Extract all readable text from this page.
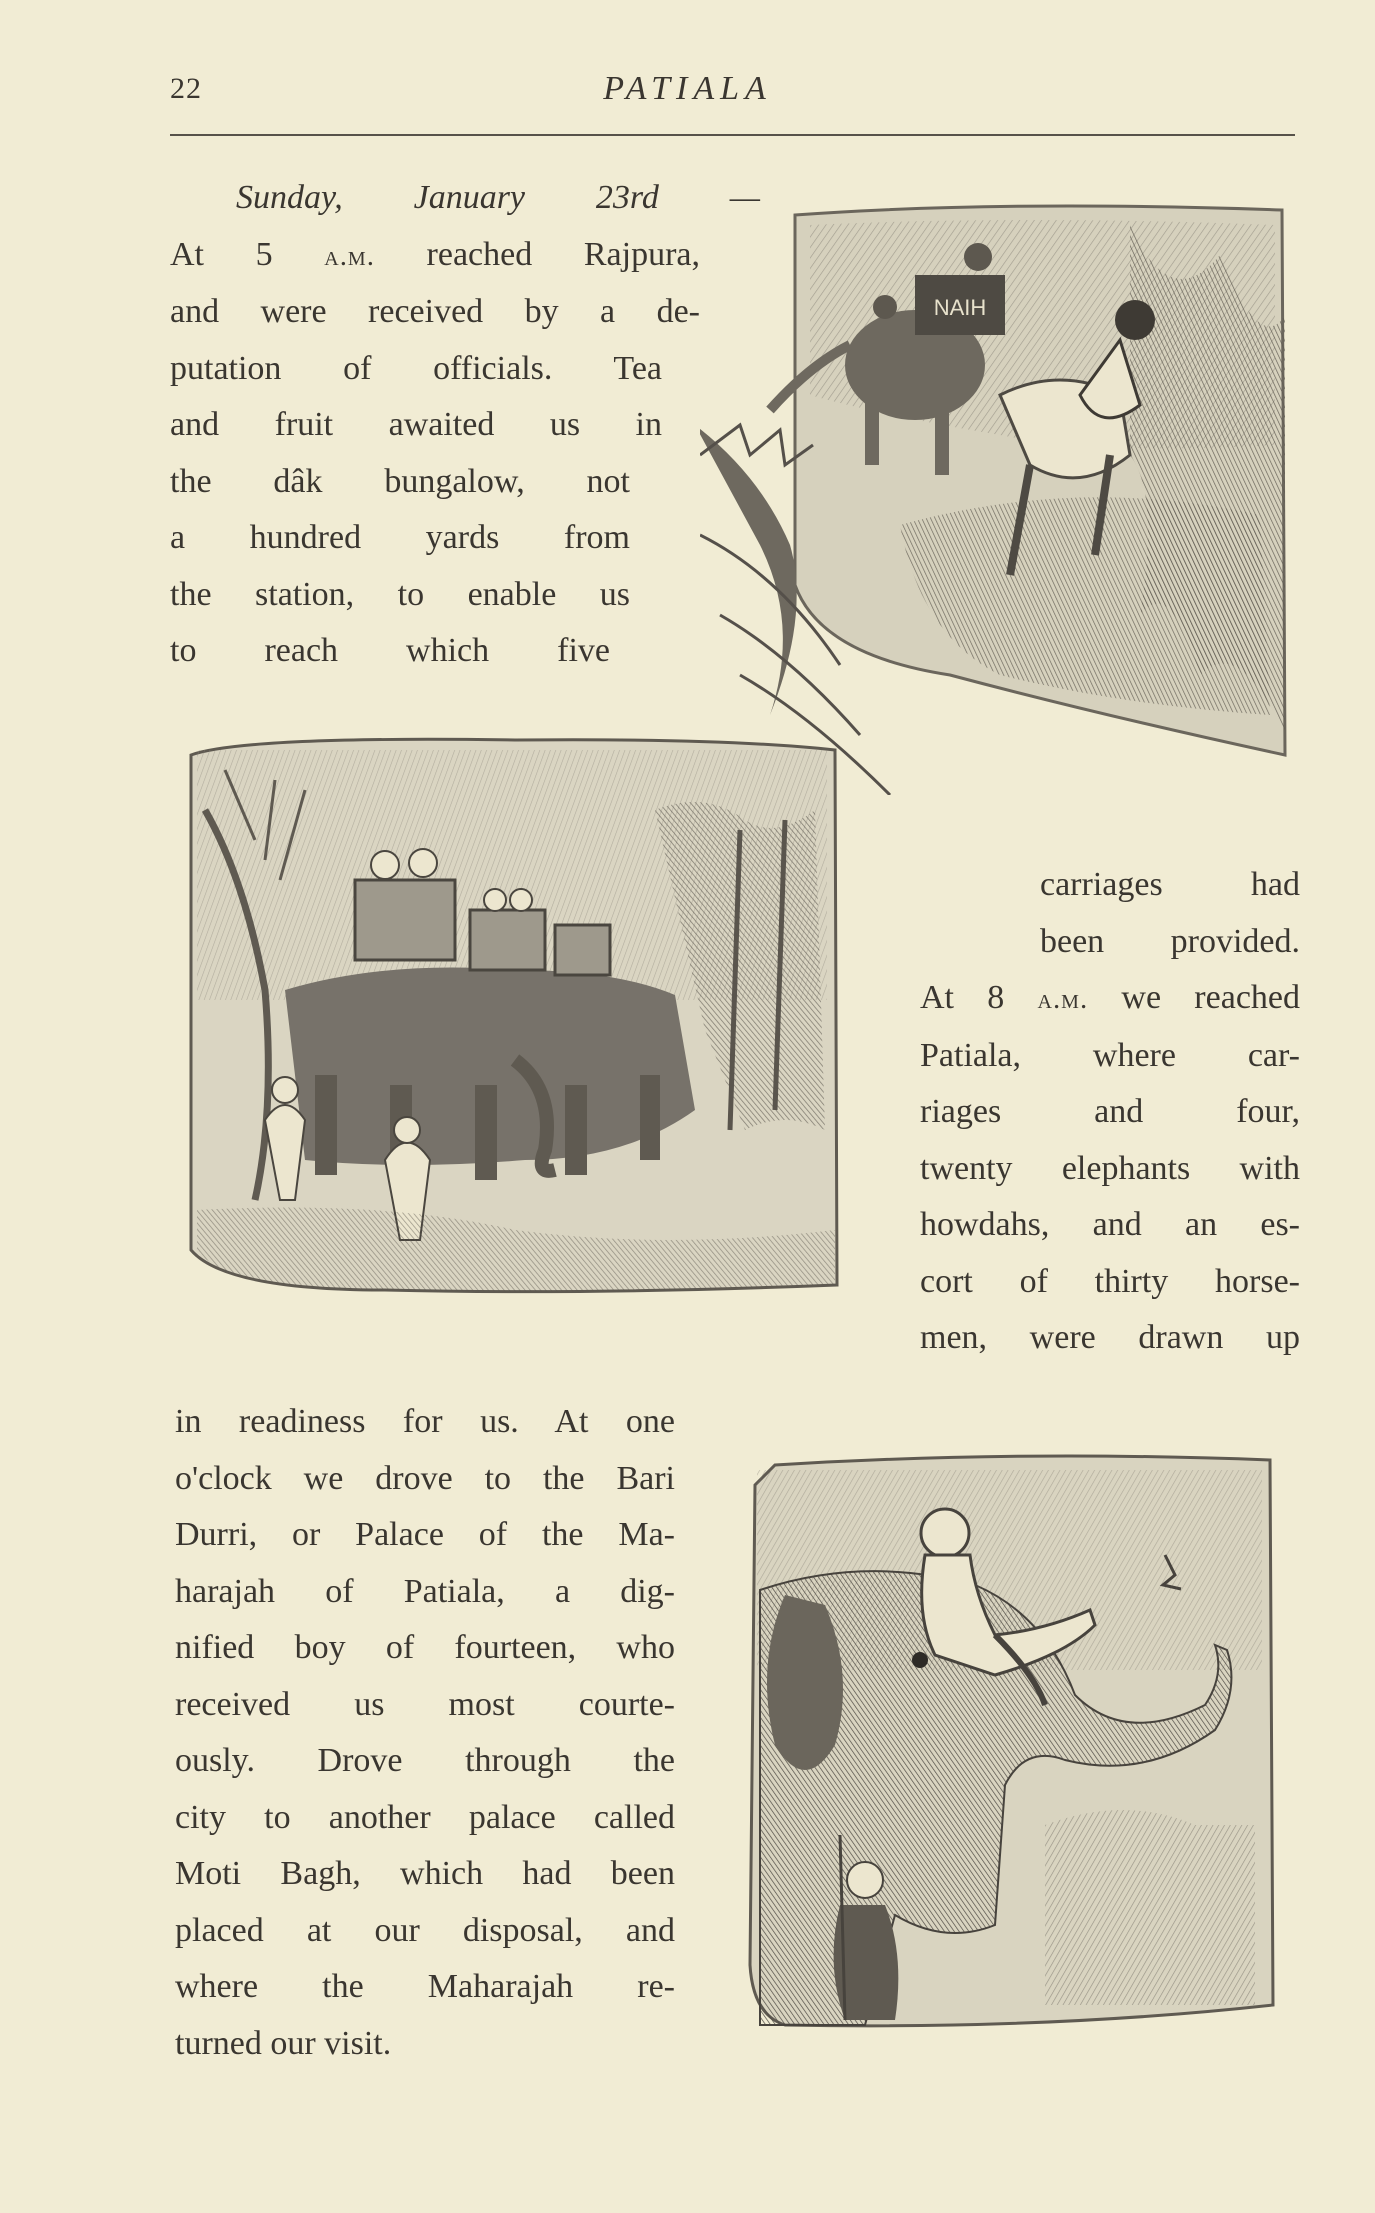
22	PATIALA
NAIH
Sunday, January 23rd —
At 5 a.m. reached Rajpura,
and were received by a de-
putation of officials. Tea
and fruit awaited us in
the dâk bungalow, not
a hundred yards from
the station, to enable us
to reach which five
carriages had
been provided.
At 8 a.m. we reached
Patiala, where car-
riages and four,
twenty elephants with
howdahs, and an es-
cort of thirty horse-
men, were drawn up
in readiness for us. At one
o'clock we drove to the Bari
Durri, or Palace of the Ma-
harajah of Patiala, a dig-
nified boy of fourteen, who
received us most courte-
ously. Drove through the
city to another palace called
Moti Bagh, which had been
placed at our disposal, and
where the Maharajah re-
turned our visit.
